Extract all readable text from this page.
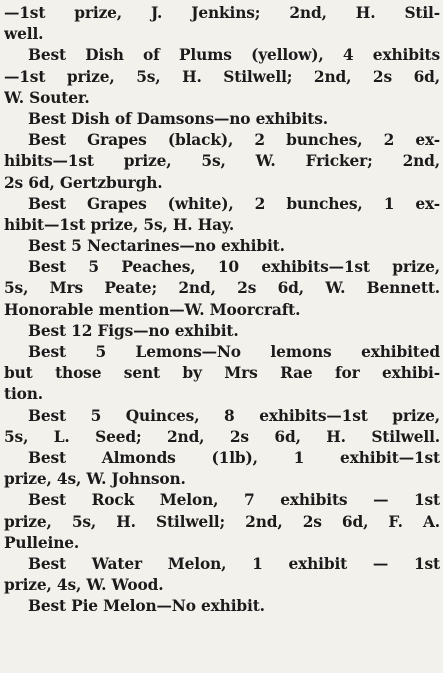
—1st prize, J. Jenkins; 2nd, H. Stil-
well.
Best Dish of Plums (yellow), 4 exhibits
—1st prize, 5s, H. Stilwell; 2nd, 2s 6d,
W. Souter.
Best Dish of Damsons—no exhibits.
Best Grapes (black), 2 bunches, 2 ex-
hibits—1st prize, 5s, W. Fricker; 2nd,
2s 6d, Gertzburgh.
Best Grapes (white), 2 bunches, 1 ex-
hibit—1st prize, 5s, H. Hay.
Best 5 Nectarines—no exhibit.
Best 5 Peaches, 10 exhibits—1st prize,
5s, Mrs Peate; 2nd, 2s 6d, W. Bennett.
Honorable mention—W. Moorcraft.
Best 12 Figs—no exhibit.
Best 5 Lemons—No lemons exhibited
but those sent by Mrs Rae for exhibi-
tion.
Best 5 Quinces, 8 exhibits—1st prize,
5s, L. Seed; 2nd, 2s 6d, H. Stilwell.
Best Almonds (1lb), 1 exhibit—1st
prize, 4s, W. Johnson.
Best Rock Melon, 7 exhibits — 1st
prize, 5s, H. Stilwell; 2nd, 2s 6d, F. A.
Pulleine.
Best Water Melon, 1 exhibit — 1st
prize, 4s, W. Wood.
Best Pie Melon—No exhibit.
